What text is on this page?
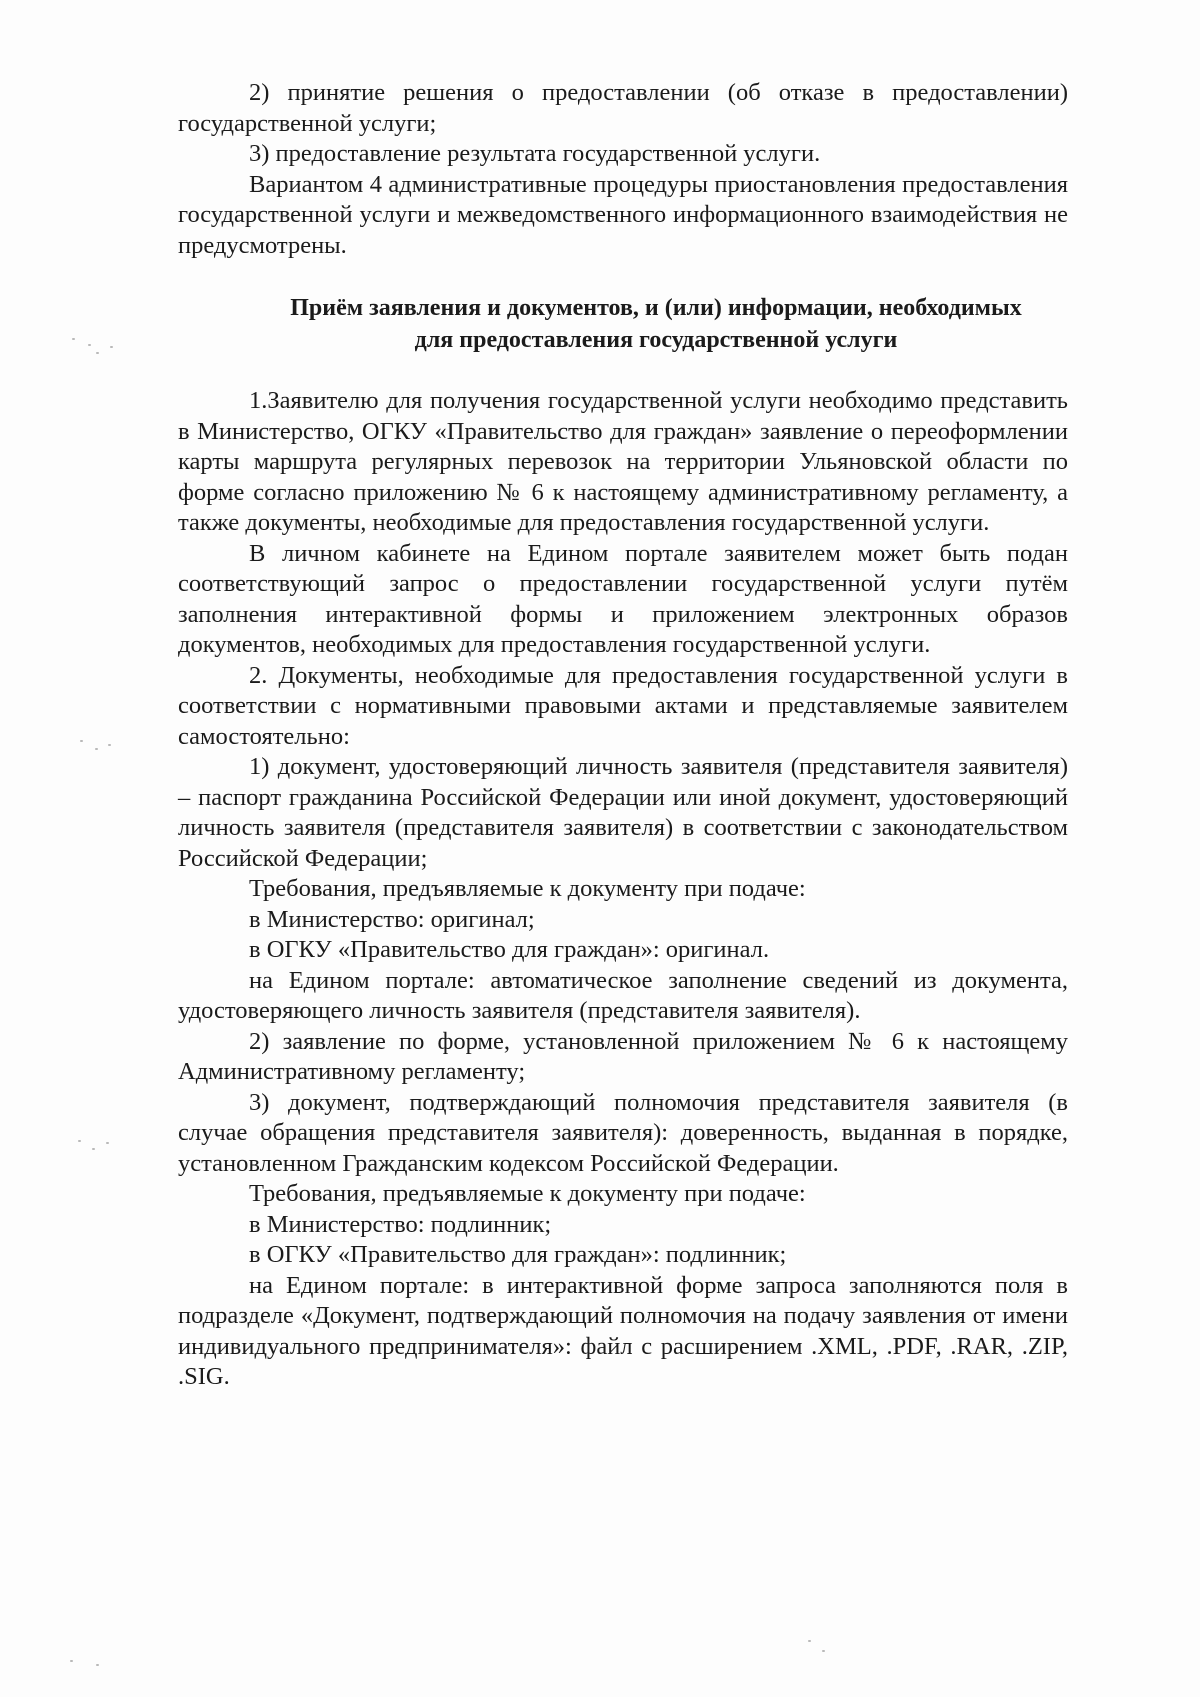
2) принятие решения о предоставлении (об отказе в предоставлении) государственной услуги;

3) предоставление результата государственной услуги.

Вариантом 4 административные процедуры приостановления предоставления государственной услуги и межведомственного информационного взаимодействия не предусмотрены.

Приём заявления и документов, и (или) информации, необходимых
для предоставления государственной услуги

1.Заявителю для получения государственной услуги необходимо представить в Министерство, ОГКУ «Правительство для граждан» заявление о переоформлении карты маршрута регулярных перевозок на территории Ульяновской области по форме согласно приложению № 6 к настоящему административному регламенту, а также документы, необходимые для предоставления государственной услуги.

В личном кабинете на Едином портале заявителем может быть подан соответствующий запрос о предоставлении государственной услуги путём заполнения интерактивной формы и приложением электронных образов документов, необходимых для предоставления государственной услуги.

2. Документы, необходимые для предоставления государственной услуги в соответствии с нормативными правовыми актами и представляемые заявителем самостоятельно:

1) документ, удостоверяющий личность заявителя (представителя заявителя) – паспорт гражданина Российской Федерации или иной документ, удостоверяющий личность заявителя (представителя заявителя) в соответствии с законодательством Российской Федерации;

Требования, предъявляемые к документу при подаче:

в Министерство: оригинал;

в ОГКУ «Правительство для граждан»: оригинал.

на Едином портале: автоматическое заполнение сведений из документа, удостоверяющего личность заявителя (представителя заявителя).

2) заявление по форме, установленной приложением № 6 к настоящему Административному регламенту;

3) документ, подтверждающий полномочия представителя заявителя (в случае обращения представителя заявителя): доверенность, выданная в порядке, установленном Гражданским кодексом Российской Федерации.

Требования, предъявляемые к документу при подаче:

в Министерство: подлинник;

в ОГКУ «Правительство для граждан»: подлинник;

на Едином портале: в интерактивной форме запроса заполняются поля в подразделе «Документ, подтверждающий полномочия на подачу заявления от имени индивидуального предпринимателя»: файл с расширением .XML, .PDF, .RAR, .ZIP, .SIG.
